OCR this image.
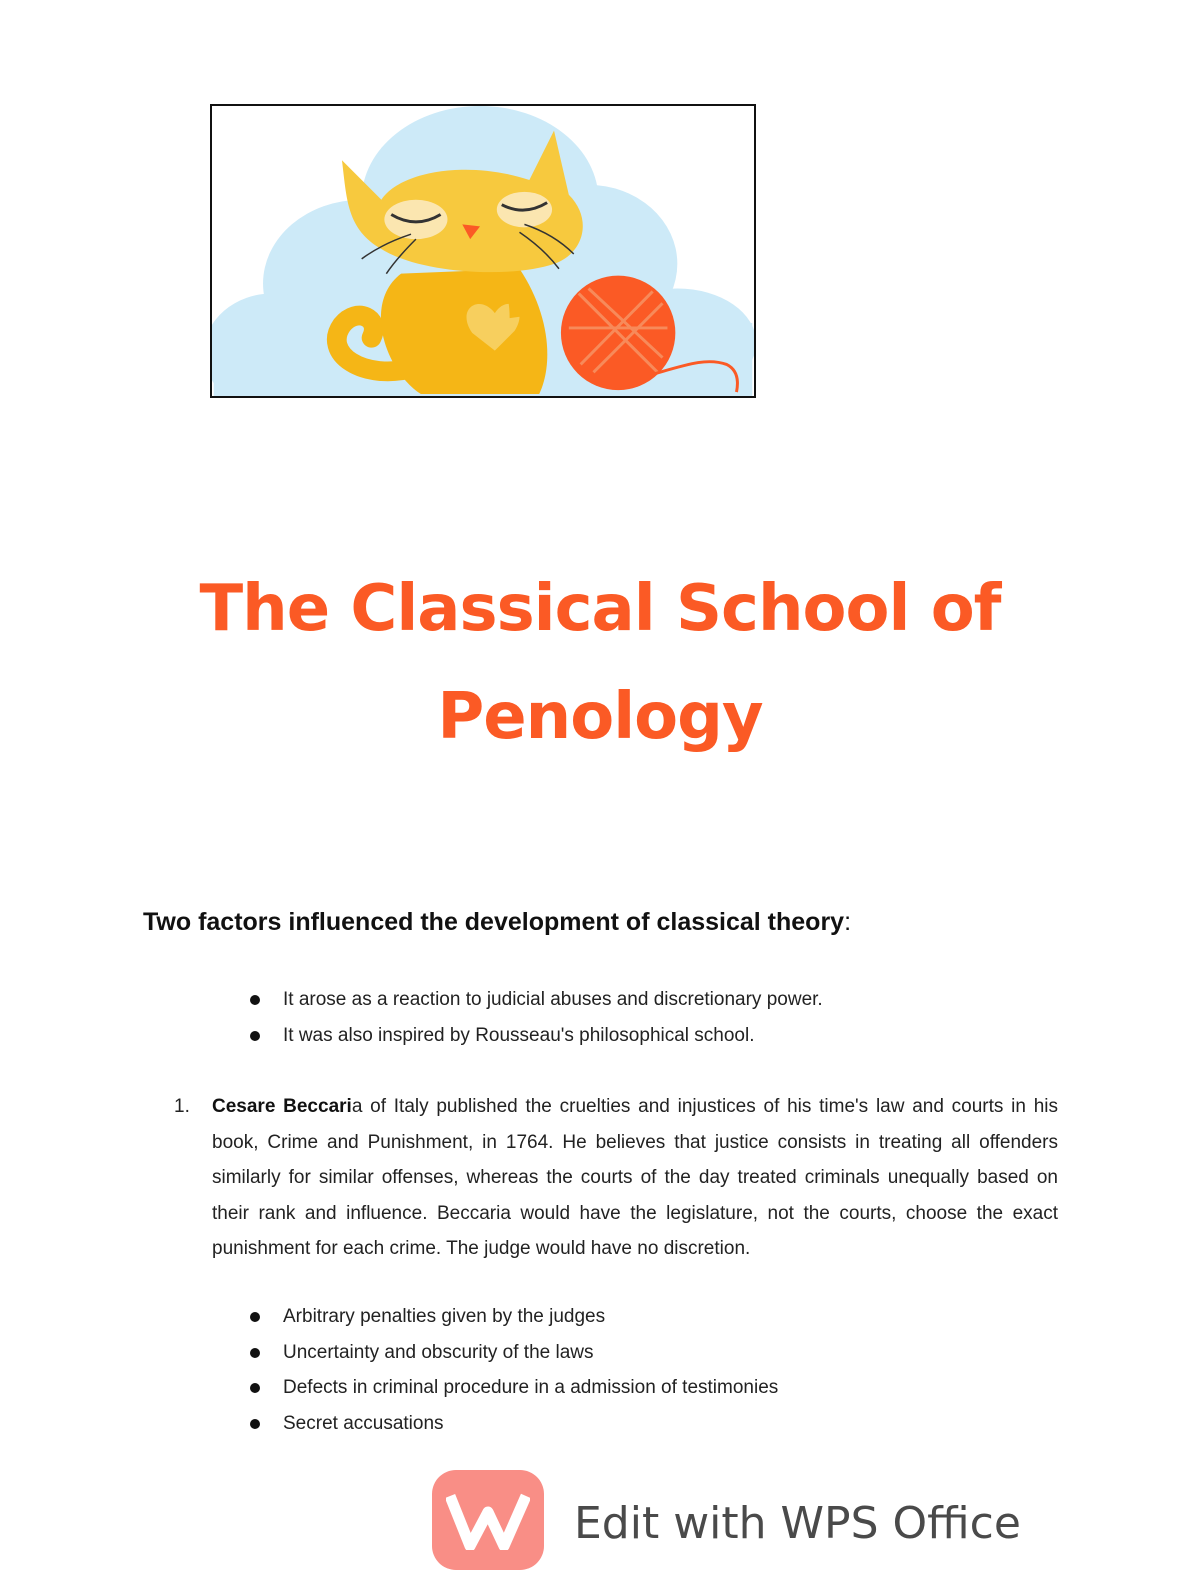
The Classical School of
Penology
Two factors influenced the development of classical theory:
It arose as a reaction to judicial abuses and discretionary power.
It was also inspired by Rousseau's philosophical school.
1. Cesare Beccaria of Italy published the cruelties and injustices of his time's law and courts in his book, Crime and Punishment, in 1764. He believes that justice consists in treating all offenders similarly for similar offenses, whereas the courts of the day treated criminals unequally based on their rank and influence. Beccaria would have the legislature, not the courts, choose the exact punishment for each crime. The judge would have no discretion.
Arbitrary penalties given by the judges
Uncertainty and obscurity of the laws
Defects in criminal procedure in a admission of testimonies
Secret accusations
Edit with WPS Office
